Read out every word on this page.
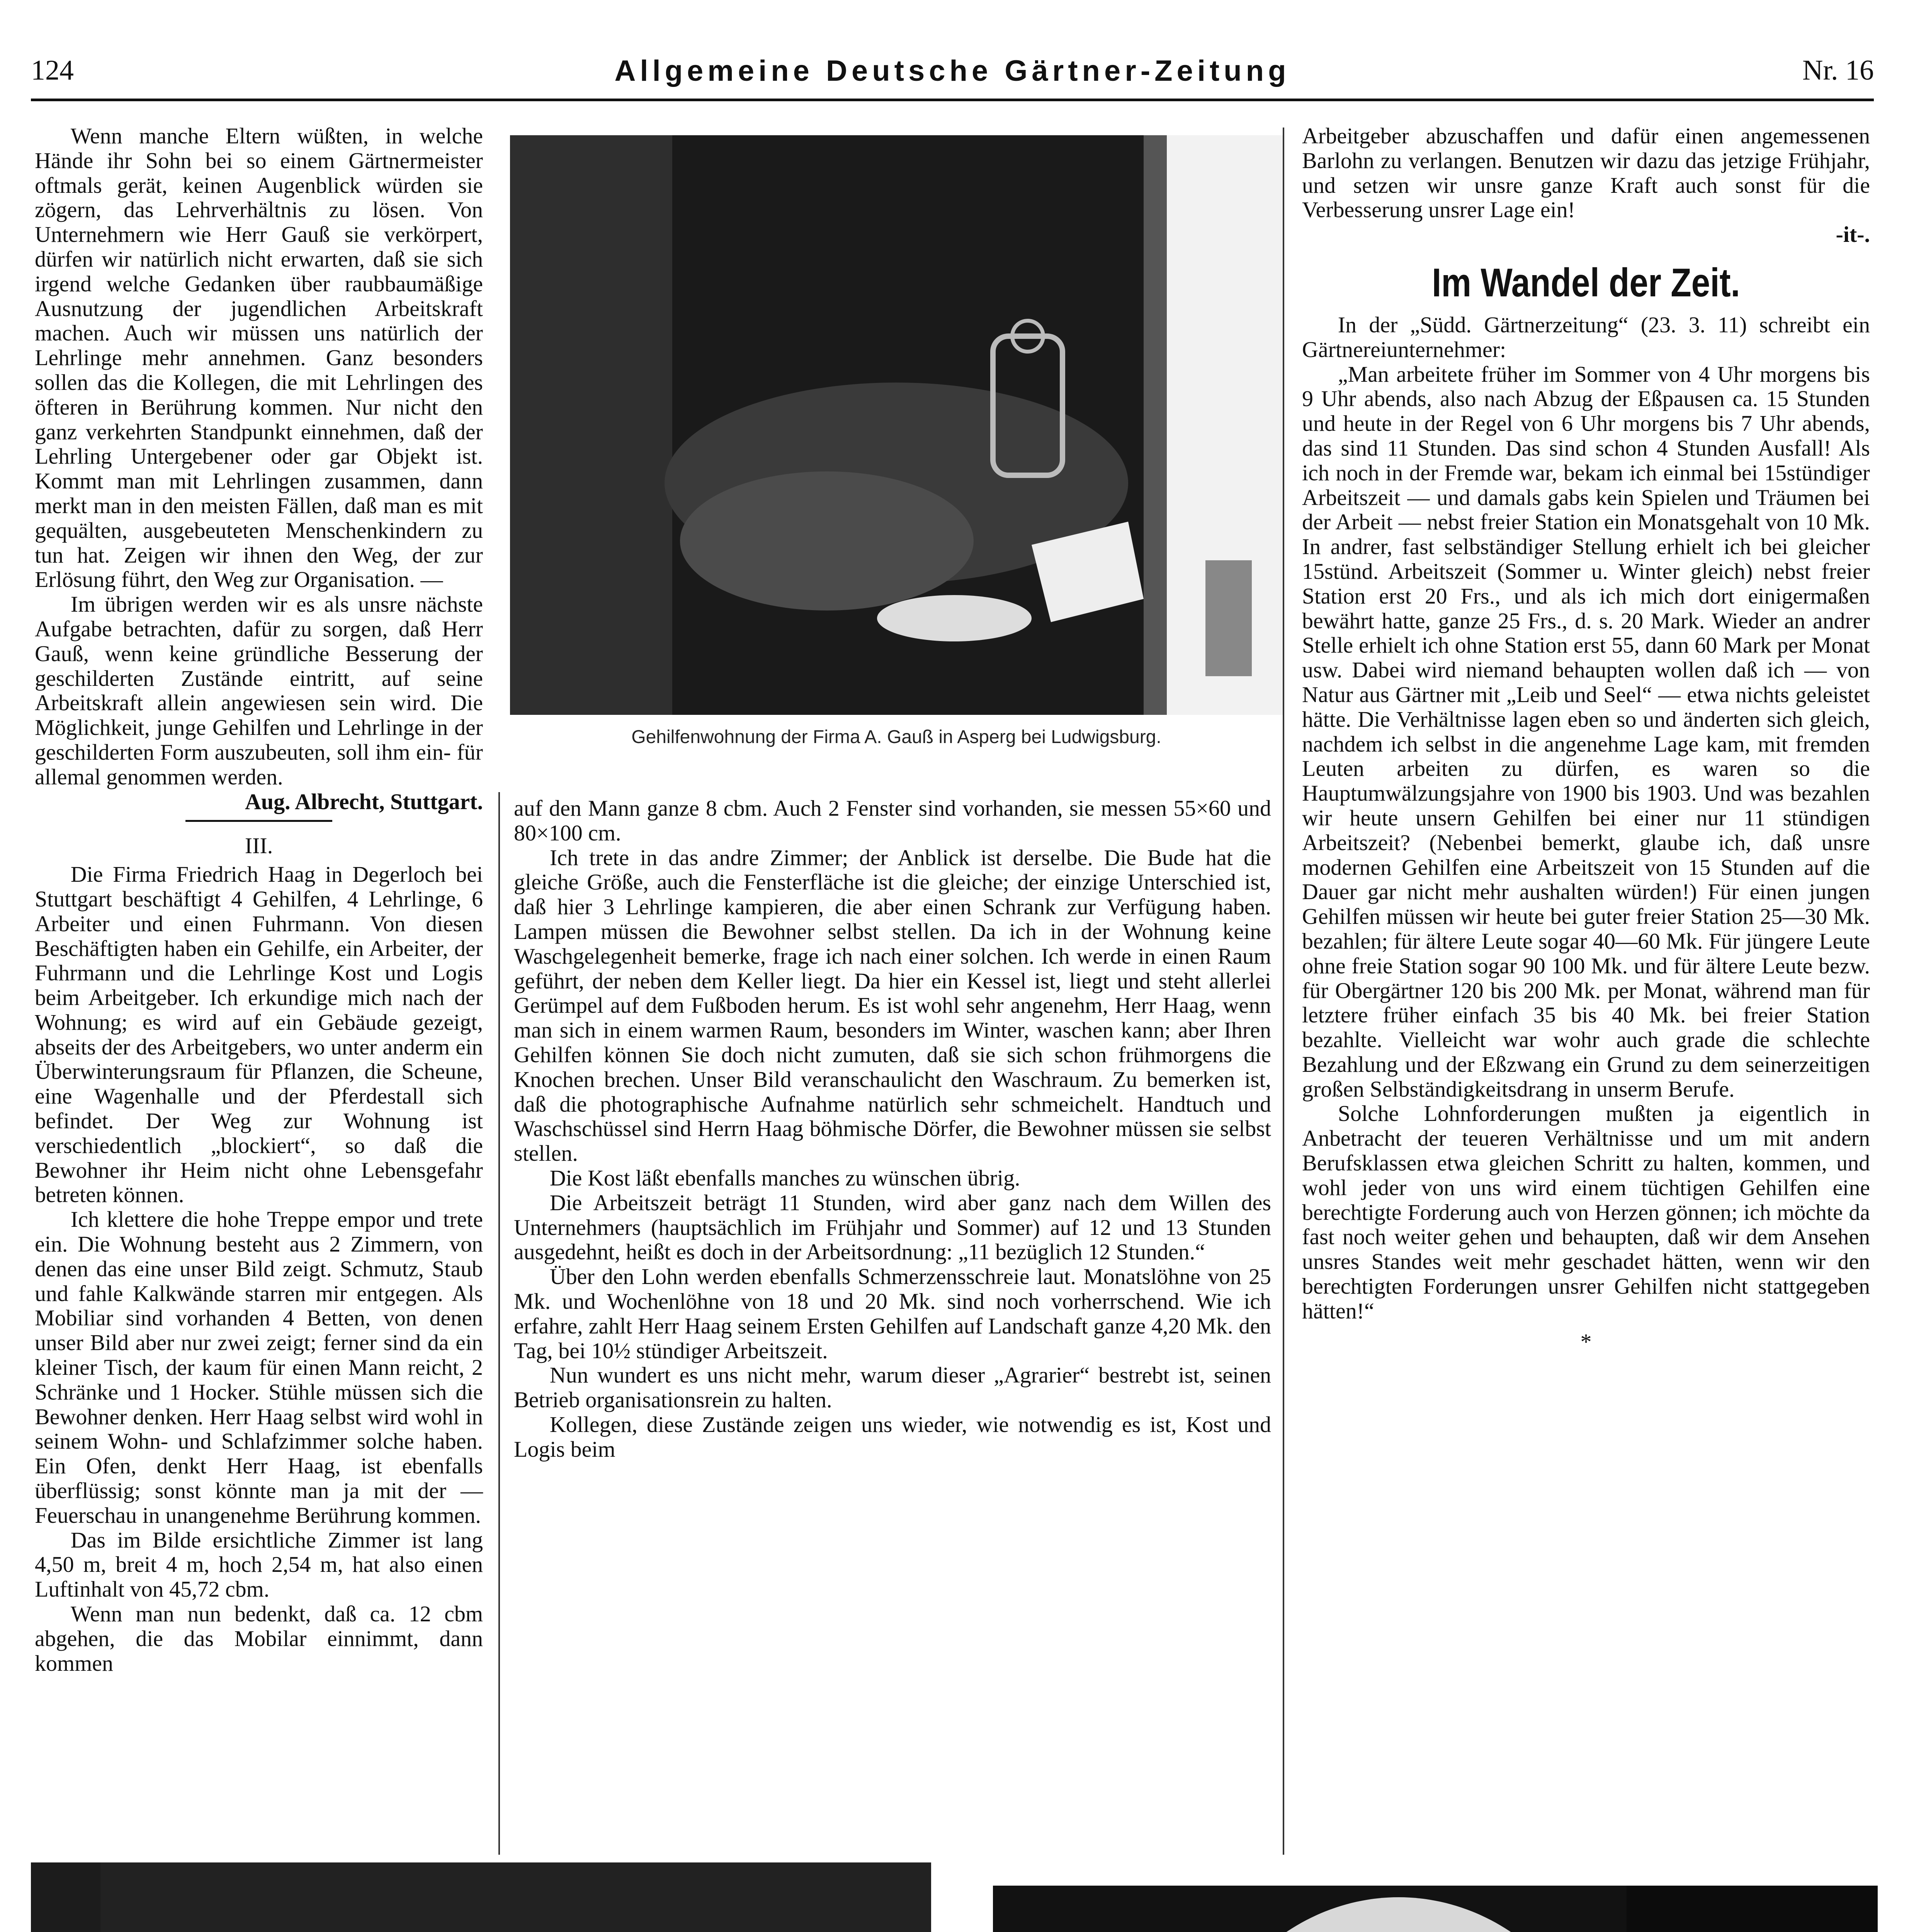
124	Allgemeine Deutsche Gärtner-Zeitung	Nr. 16
Gehilfenwohnung der Firma A. Gauß in Asperg bei Ludwigsburg.

Wenn manche Eltern wüßten, in welche Hände ihr Sohn bei so einem Gärtnermeister oftmals gerät, keinen Augenblick würden sie zögern, das Lehrverhältnis zu lösen. Von Unternehmern wie Herr Gauß sie verkörpert, dürfen wir natürlich nicht erwarten, daß sie sich irgend welche Gedanken über raubbaumäßige Ausnutzung der jugendlichen Arbeitskraft machen. Auch wir müssen uns natürlich der Lehrlinge mehr annehmen. Ganz besonders sollen das die Kollegen, die mit Lehrlingen des öfteren in Berührung kommen. Nur nicht den ganz verkehrten Standpunkt einnehmen, daß der Lehrling Untergebener oder gar Objekt ist. Kommt man mit Lehrlingen zusammen, dann merkt man in den meisten Fällen, daß man es mit gequälten, ausgebeuteten Menschenkindern zu tun hat. Zeigen wir ihnen den Weg, der zur Erlösung führt, den Weg zur Organisation. —

Im übrigen werden wir es als unsre nächste Aufgabe betrachten, dafür zu sorgen, daß Herr Gauß, wenn keine gründliche Besserung der geschilderten Zustände eintritt, auf seine Arbeitskraft allein angewiesen sein wird. Die Möglichkeit, junge Gehilfen und Lehrlinge in der geschilderten Form auszubeuten, soll ihm ein- für allemal genommen werden.

Aug. Albrecht, Stuttgart.

III.

Die Firma Friedrich Haag in Degerloch bei Stuttgart beschäftigt 4 Gehilfen, 4 Lehrlinge, 6 Arbeiter und einen Fuhrmann. Von diesen Beschäftigten haben ein Gehilfe, ein Arbeiter, der Fuhrmann und die Lehrlinge Kost und Logis beim Arbeitgeber. Ich erkundige mich nach der Wohnung; es wird auf ein Gebäude gezeigt, abseits der des Arbeitgebers, wo unter anderm ein Überwinterungsraum für Pflanzen, die Scheune, eine Wagenhalle und der Pferdestall sich befindet. Der Weg zur Wohnung ist verschiedentlich „blockiert“, so daß die Bewohner ihr Heim nicht ohne Lebensgefahr betreten können.

Ich klettere die hohe Treppe empor und trete ein. Die Wohnung besteht aus 2 Zimmern, von denen das eine unser Bild zeigt. Schmutz, Staub und fahle Kalkwände starren mir entgegen. Als Mobiliar sind vorhanden 4 Betten, von denen unser Bild aber nur zwei zeigt; ferner sind da ein kleiner Tisch, der kaum für einen Mann reicht, 2 Schränke und 1 Hocker. Stühle müssen sich die Bewohner denken. Herr Haag selbst wird wohl in seinem Wohn- und Schlafzimmer solche haben. Ein Ofen, denkt Herr Haag, ist ebenfalls überflüssig; sonst könnte man ja mit der — Feuerschau in unangenehme Berührung kommen.

Das im Bilde ersichtliche Zimmer ist lang 4,50 m, breit 4 m, hoch 2,54 m, hat also einen Luftinhalt von 45,72 cbm.

Wenn man nun bedenkt, daß ca. 12 cbm abgehen, die das Mobilar einnimmt, dann kommen

auf den Mann ganze 8 cbm. Auch 2 Fenster sind vorhanden, sie messen 55×60 und 80×100 cm.

Ich trete in das andre Zimmer; der Anblick ist derselbe. Die Bude hat die gleiche Größe, auch die Fensterfläche ist die gleiche; der einzige Unterschied ist, daß hier 3 Lehrlinge kampieren, die aber einen Schrank zur Verfügung haben. Lampen müssen die Bewohner selbst stellen. Da ich in der Wohnung keine Waschgelegenheit bemerke, frage ich nach einer solchen. Ich werde in einen Raum geführt, der neben dem Keller liegt. Da hier ein Kessel ist, liegt und steht allerlei Gerümpel auf dem Fußboden herum. Es ist wohl sehr angenehm, Herr Haag, wenn man sich in einem warmen Raum, besonders im Winter, waschen kann; aber Ihren Gehilfen können Sie doch nicht zumuten, daß sie sich schon frühmorgens die Knochen brechen. Unser Bild veranschaulicht den Waschraum. Zu bemerken ist, daß die photographische Aufnahme natürlich sehr schmeichelt. Handtuch und Waschschüssel sind Herrn Haag böhmische Dörfer, die Bewohner müssen sie selbst stellen.

Die Kost läßt ebenfalls manches zu wünschen übrig.

Die Arbeitszeit beträgt 11 Stunden, wird aber ganz nach dem Willen des Unternehmers (hauptsächlich im Frühjahr und Sommer) auf 12 und 13 Stunden ausgedehnt, heißt es doch in der Arbeitsordnung: „11 bezüglich 12 Stunden.“

Über den Lohn werden ebenfalls Schmerzensschreie laut. Monatslöhne von 25 Mk. und Wochenlöhne von 18 und 20 Mk. sind noch vorherrschend. Wie ich erfahre, zahlt Herr Haag seinem Ersten Gehilfen auf Landschaft ganze 4,20 Mk. den Tag, bei 10½ stündiger Arbeitszeit.

Nun wundert es uns nicht mehr, warum dieser „Agrarier“ bestrebt ist, seinen Betrieb organisationsrein zu halten.

Kollegen, diese Zustände zeigen uns wieder, wie notwendig es ist, Kost und Logis beim

Arbeitgeber abzuschaffen und dafür einen angemessenen Barlohn zu verlangen. Benutzen wir dazu das jetzige Frühjahr, und setzen wir unsre ganze Kraft auch sonst für die Verbesserung unsrer Lage ein!

-it-.

Im Wandel der Zeit.

In der „Südd. Gärtnerzeitung“ (23. 3. 11) schreibt ein Gärtnereiunternehmer:

„Man arbeitete früher im Sommer von 4 Uhr morgens bis 9 Uhr abends, also nach Abzug der Eßpausen ca. 15 Stunden und heute in der Regel von 6 Uhr morgens bis 7 Uhr abends, das sind 11 Stunden. Das sind schon 4 Stunden Ausfall! Als ich noch in der Fremde war, bekam ich einmal bei 15stündiger Arbeitszeit — und damals gabs kein Spielen und Träumen bei der Arbeit — nebst freier Station ein Monatsgehalt von 10 Mk. In andrer, fast selbständiger Stellung erhielt ich bei gleicher 15stünd. Arbeitszeit (Sommer u. Winter gleich) nebst freier Station erst 20 Frs., und als ich mich dort einigermaßen bewährt hatte, ganze 25 Frs., d. s. 20 Mark. Wieder an andrer Stelle erhielt ich ohne Station erst 55, dann 60 Mark per Monat usw. Dabei wird niemand behaupten wollen daß ich — von Natur aus Gärtner mit „Leib und Seel“ — etwa nichts geleistet hätte. Die Verhältnisse lagen eben so und änderten sich gleich, nachdem ich selbst in die angenehme Lage kam, mit fremden Leuten arbeiten zu dürfen, es waren so die Hauptumwälzungsjahre von 1900 bis 1903. Und was bezahlen wir heute unsern Gehilfen bei einer nur 11 stündigen Arbeitszeit? (Nebenbei bemerkt, glaube ich, daß unsre modernen Gehilfen eine Arbeitszeit von 15 Stunden auf die Dauer gar nicht mehr aushalten würden!) Für einen jungen Gehilfen müssen wir heute bei guter freier Station 25—30 Mk. bezahlen; für ältere Leute sogar 40—60 Mk. Für jüngere Leute ohne freie Station sogar 90 100 Mk. und für ältere Leute bezw. für Obergärtner 120 bis 200 Mk. per Monat, während man für letztere früher einfach 35 bis 40 Mk. bei freier Station bezahlte. Vielleicht war wohr auch grade die schlechte Bezahlung und der Eßzwang ein Grund zu dem seinerzeitigen großen Selbständigkeitsdrang in unserm Berufe.

Solche Lohnforderungen mußten ja eigentlich in Anbetracht der teueren Verhältnisse und um mit andern Berufsklassen etwa gleichen Schritt zu halten, kommen, und wohl jeder von uns wird einem tüchtigen Gehilfen eine berechtigte Forderung auch von Herzen gönnen; ich möchte da fast noch weiter gehen und behaupten, daß wir dem Ansehen unsres Standes weit mehr geschadet hätten, wenn wir den berechtigten Forderungen unsrer Gehilfen nicht stattgegeben hätten!“

*
